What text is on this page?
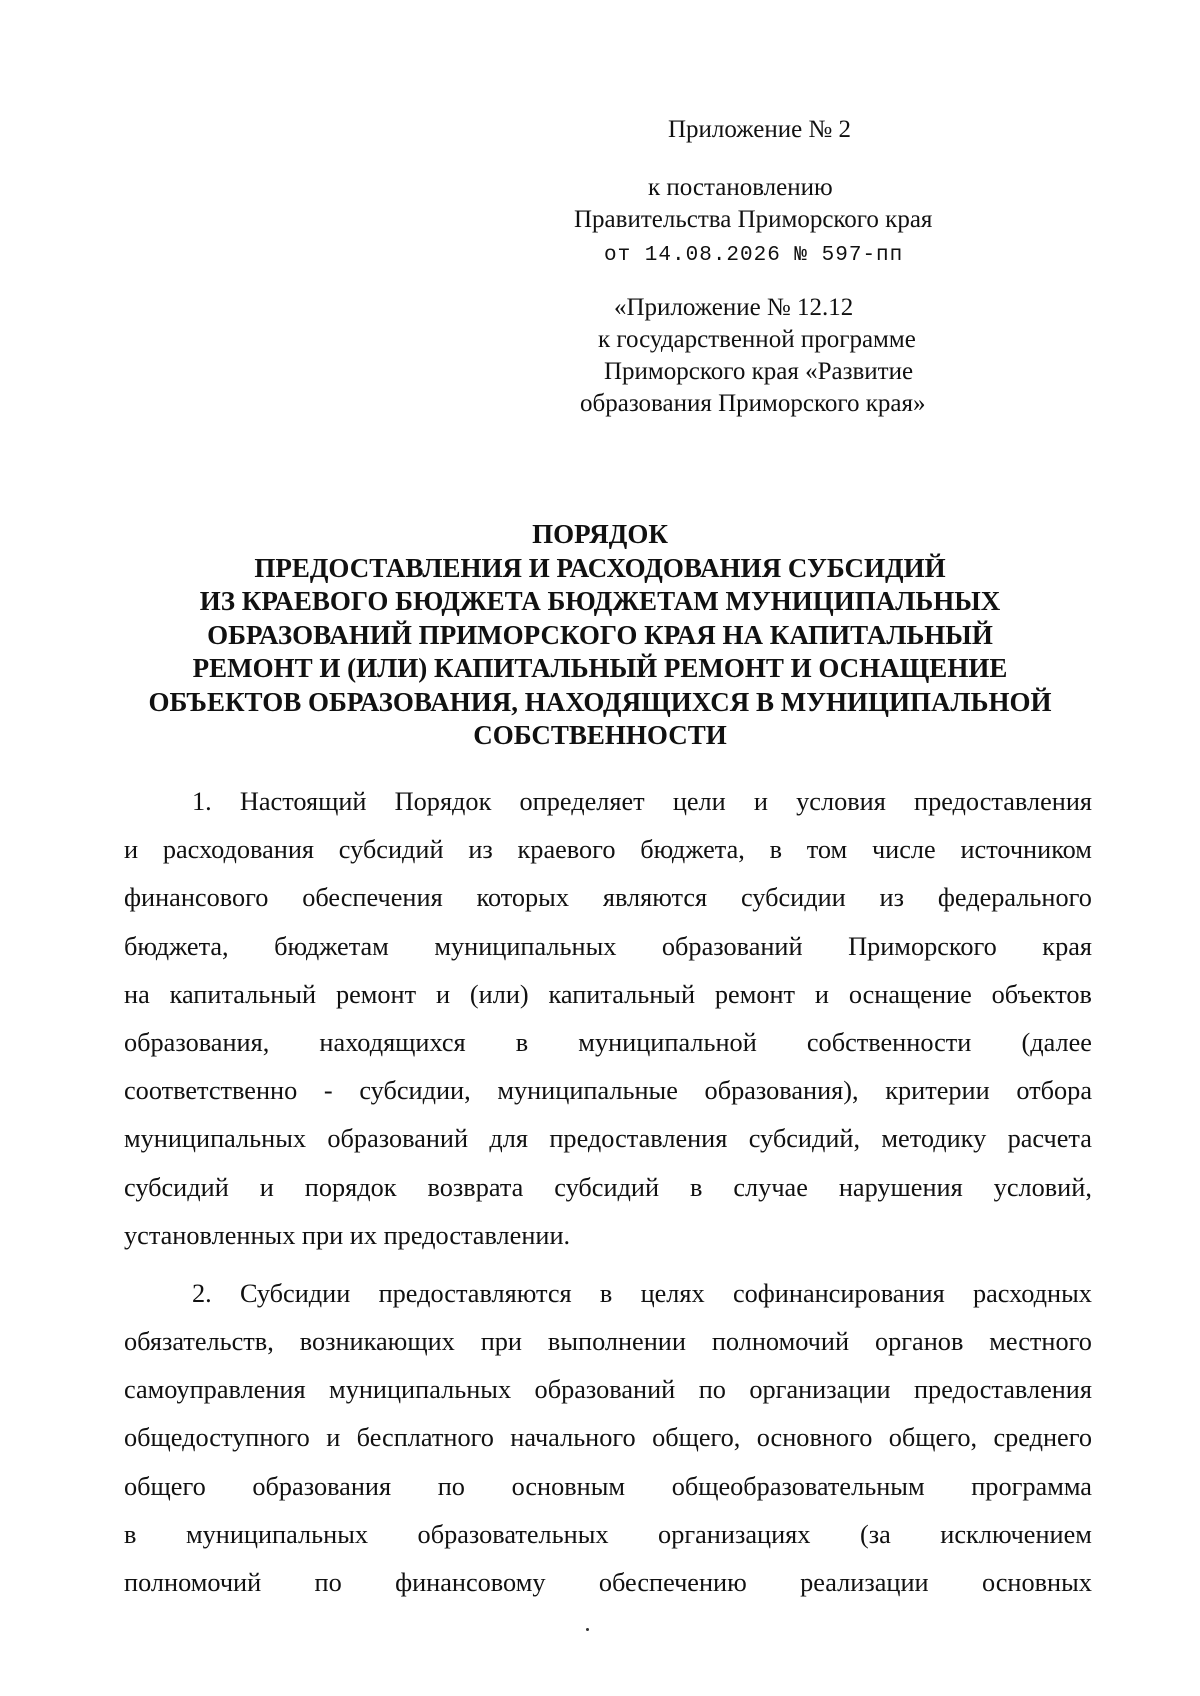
Приложение № 2
к постановлению
Правительства Приморского края
от 14.08.2026 № 597-пп
«Приложение № 12.12
к государственной программе
Приморского края «Развитие
образования Приморского края»
ПОРЯДОК
ПРЕДОСТАВЛЕНИЯ И РАСХОДОВАНИЯ СУБСИДИЙ
ИЗ КРАЕВОГО БЮДЖЕТА БЮДЖЕТАМ МУНИЦИПАЛЬНЫХ
ОБРАЗОВАНИЙ ПРИМОРСКОГО КРАЯ НА КАПИТАЛЬНЫЙ
РЕМОНТ И (ИЛИ) КАПИТАЛЬНЫЙ РЕМОНТ И ОСНАЩЕНИЕ
ОБЪЕКТОВ ОБРАЗОВАНИЯ, НАХОДЯЩИХСЯ В МУНИЦИПАЛЬНОЙ
СОБСТВЕННОСТИ
1. Настоящий Порядок определяет цели и условия предоставления
и расходования субсидий из краевого бюджета, в том числе источником
финансового обеспечения которых являются субсидии из федерального
бюджета, бюджетам муниципальных образований Приморского края
на капитальный ремонт и (или) капитальный ремонт и оснащение объектов
образования, находящихся в муниципальной собственности (далее
соответственно - субсидии, муниципальные образования), критерии отбора
муниципальных образований для предоставления субсидий, методику расчета
субсидий и порядок возврата субсидий в случае нарушения условий,
установленных при их предоставлении.
2. Субсидии предоставляются в целях софинансирования расходных
обязательств, возникающих при выполнении полномочий органов местного
самоуправления муниципальных образований по организации предоставления
общедоступного и бесплатного начального общего, основного общего, среднего
общего образования по основным общеобразовательным программа
в муниципальных образовательных организациях (за исключением
полномочий по финансовому обеспечению реализации основных
